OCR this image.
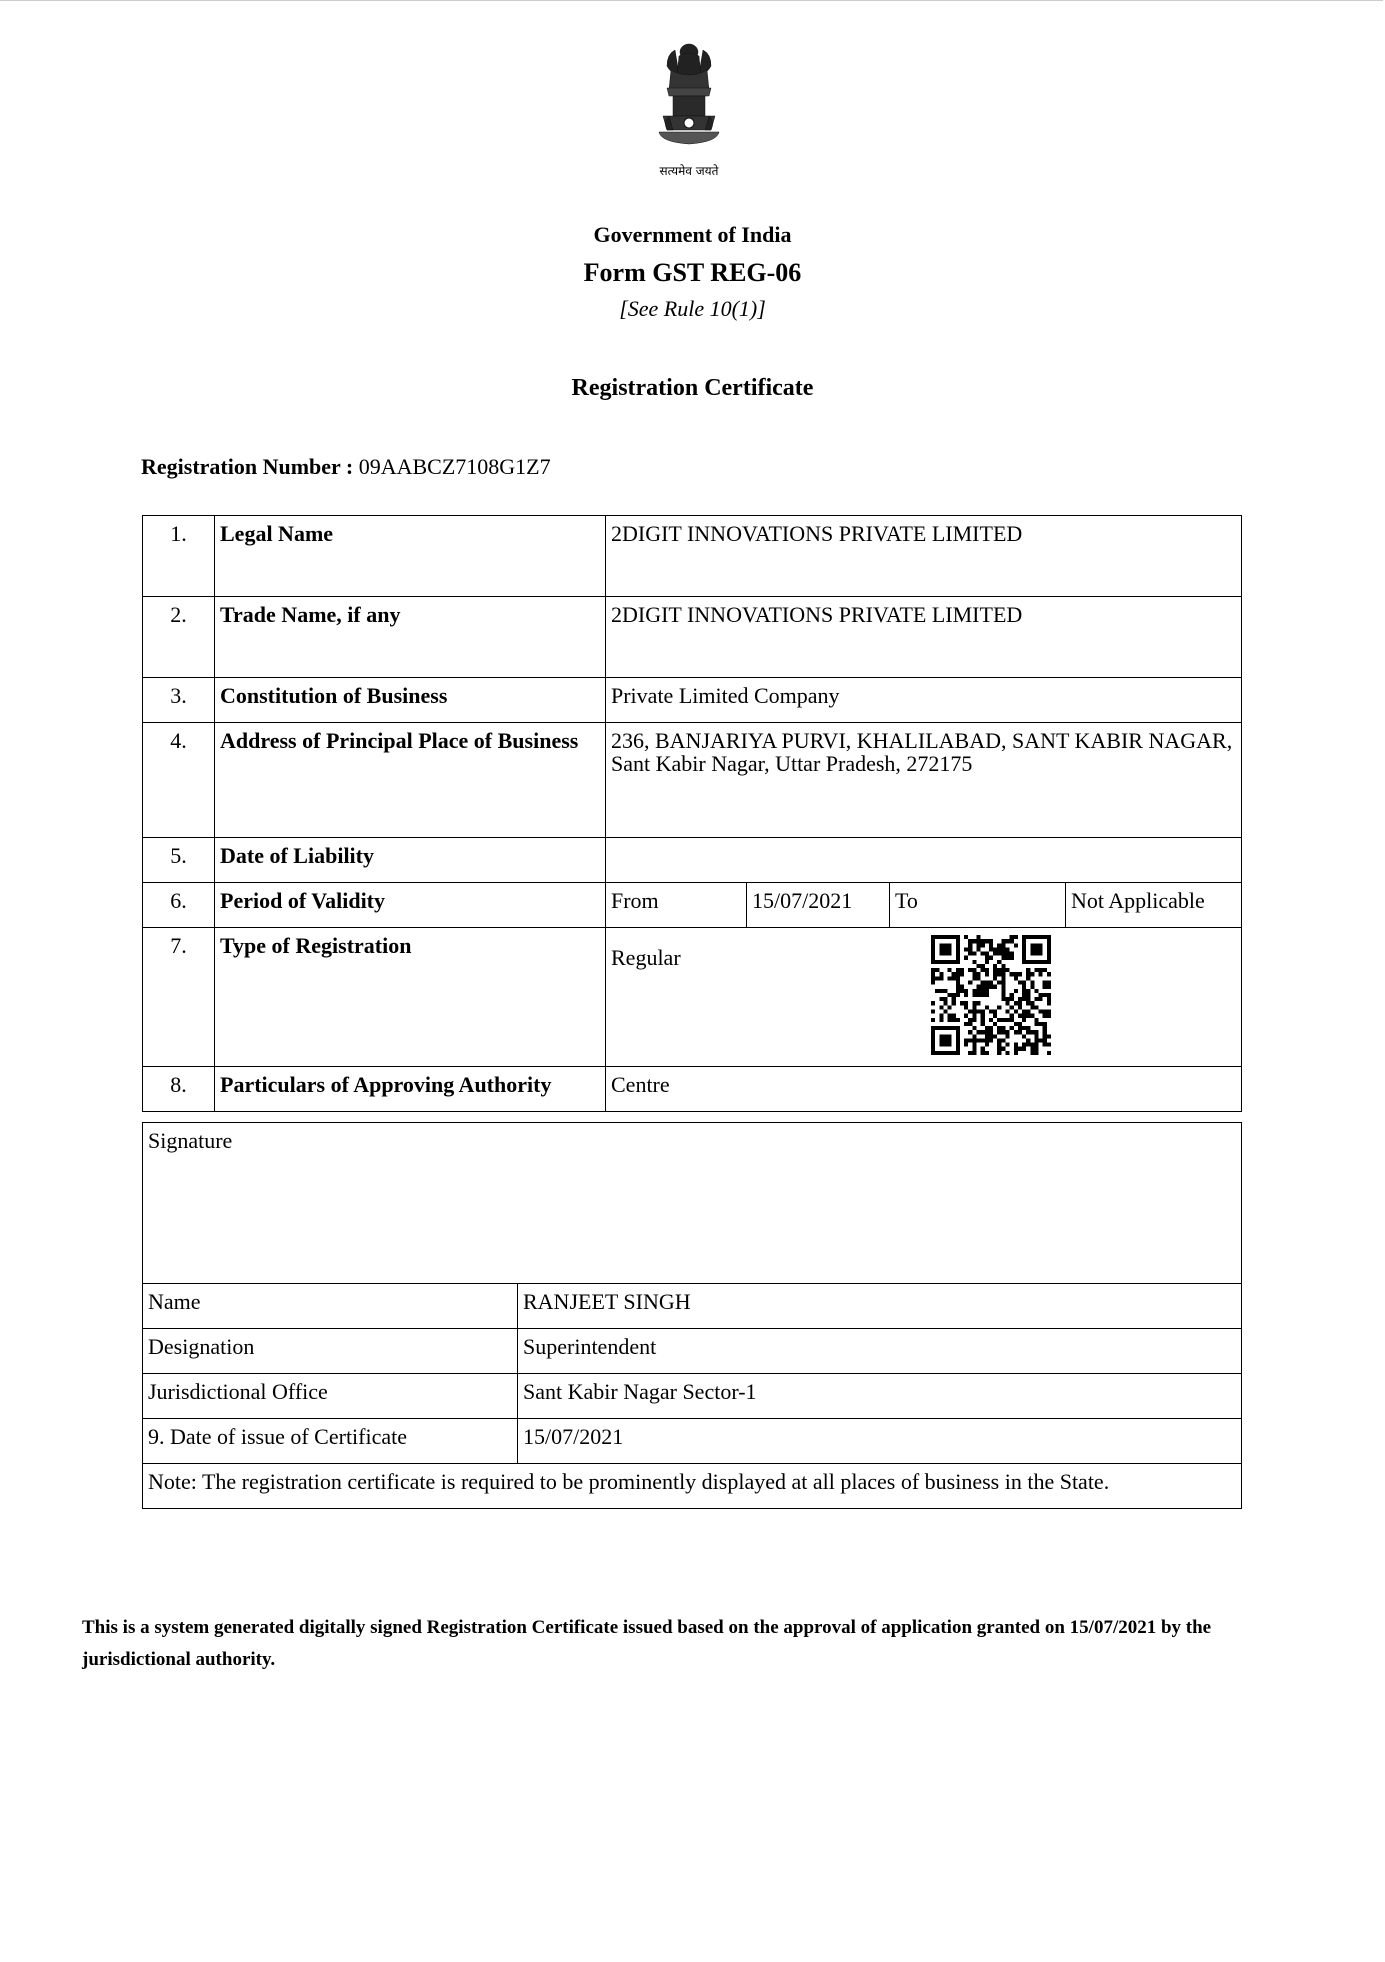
सत्यमेव जयते
Government of India
Form GST REG-06
[See Rule 10(1)]
Registration Certificate
Registration Number : 09AABCZ7108G1Z7
1.	Legal Name	2DIGIT INNOVATIONS PRIVATE LIMITED
2.	Trade Name, if any	2DIGIT INNOVATIONS PRIVATE LIMITED
3.	Constitution of Business	Private Limited Company
4.	Address of Principal Place of Business	236, BANJARIYA PURVI, KHALILABAD, SANT KABIR NAGAR, Sant Kabir Nagar, Uttar Pradesh, 272175
5.	Date of Liability	
6.	Period of Validity		From	15/07/2021	To	Not Applicable

7.	Type of Registration	Regular

8.	Particulars of Approving Authority	Centre
Signature	
Name	RANJEET SINGH
Designation	Superintendent
Jurisdictional Office	Sant Kabir Nagar Sector-1
9. Date of issue of Certificate	15/07/2021
Note: The registration certificate is required to be prominently displayed at all places of business in the State.	
This is a system generated digitally signed Registration Certificate issued based on the approval of application granted on 15/07/2021 by the jurisdictional authority.
